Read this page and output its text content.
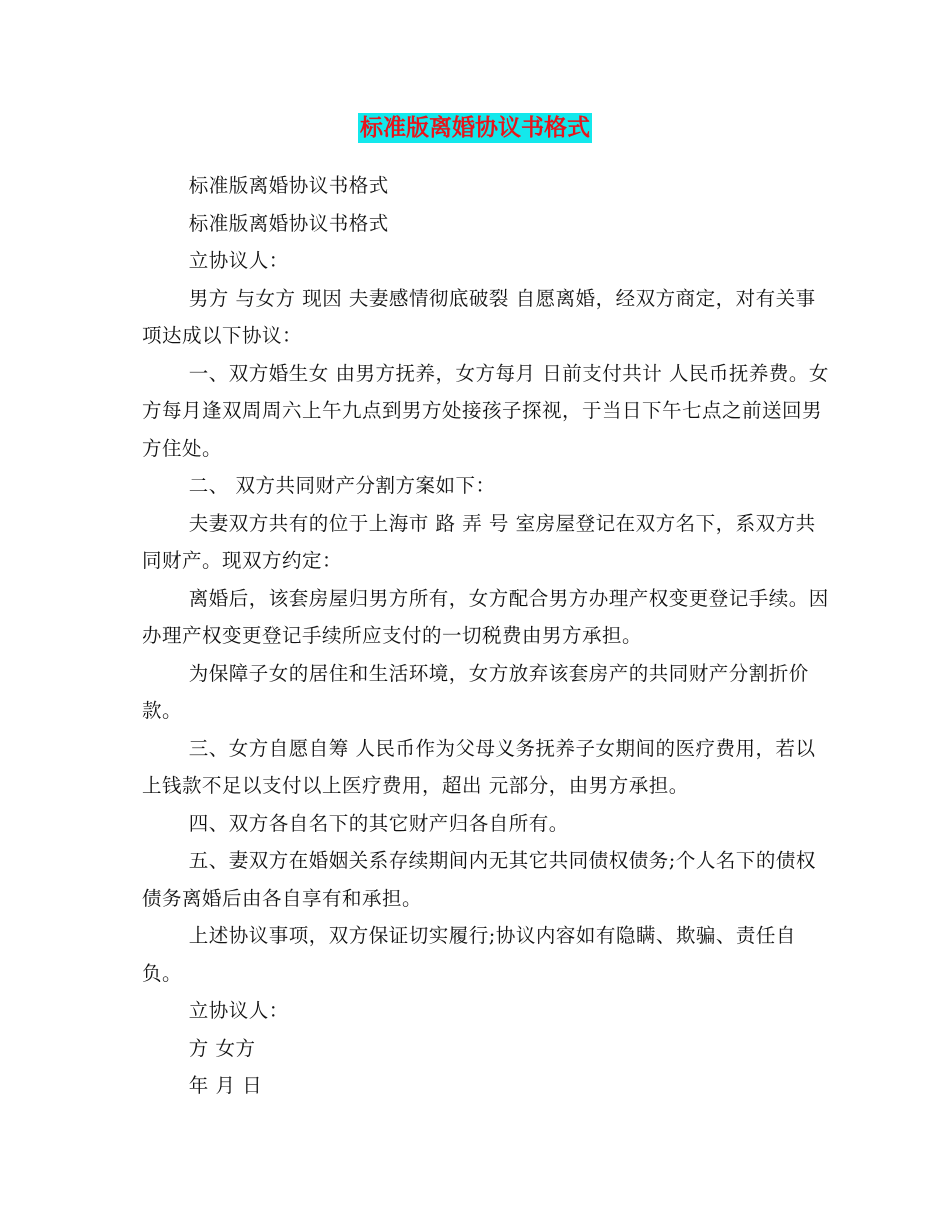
标准版离婚协议书格式

标准版离婚协议书格式

标准版离婚协议书格式

立协议人：

男方 与女方 现因 夫妻感情彻底破裂 自愿离婚，经双方商定，对有关事项达成以下协议：

一、双方婚生女 由男方抚养，女方每月 日前支付共计 人民币抚养费。女方每月逢双周周六上午九点到男方处接孩子探视，于当日下午七点之前送回男方住处。

二、 双方共同财产分割方案如下：

夫妻双方共有的位于上海市 路 弄 号 室房屋登记在双方名下，系双方共同财产。现双方约定：

离婚后，该套房屋归男方所有，女方配合男方办理产权变更登记手续。因办理产权变更登记手续所应支付的一切税费由男方承担。

为保障子女的居住和生活环境，女方放弃该套房产的共同财产分割折价款。

三、女方自愿自筹 人民币作为父母义务抚养子女期间的医疗费用，若以上钱款不足以支付以上医疗费用，超出 元部分，由男方承担。

四、双方各自名下的其它财产归各自所有。

五、妻双方在婚姻关系存续期间内无其它共同债权债务;个人名下的债权债务离婚后由各自享有和承担。

上述协议事项，双方保证切实履行;协议内容如有隐瞒、欺骗、责任自负。

立协议人：

方 女方

年 月 日
